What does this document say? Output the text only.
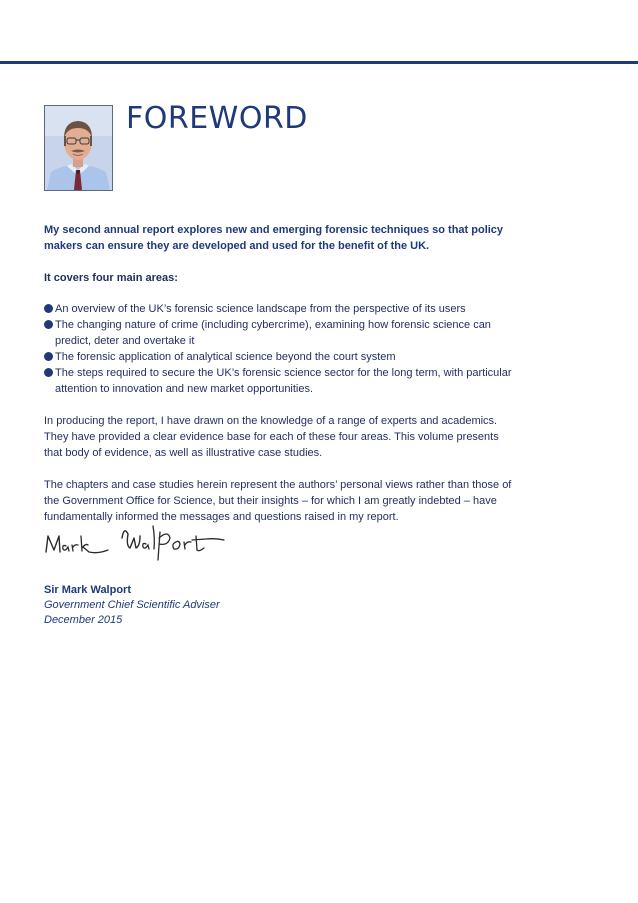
FOREWORD

My second annual report explores new and emerging forensic techniques so that policy makers can ensure they are developed and used for the benefit of the UK.

It covers four main areas:

An overview of the UK’s forensic science landscape from the perspective of its users
The changing nature of crime (including cybercrime), examining how forensic science can predict, deter and overtake it
The forensic application of analytical science beyond the court system
The steps required to secure the UK’s forensic science sector for the long term, with particular attention to innovation and new market opportunities.

In producing the report, I have drawn on the knowledge of a range of experts and academics. They have provided a clear evidence base for each of these four areas. This volume presents that body of evidence, as well as illustrative case studies.

The chapters and case studies herein represent the authors’ personal views rather than those of the Government Office for Science, but their insights – for which I am greatly indebted – have fundamentally informed the messages and questions raised in my report.

Sir Mark Walport

Government Chief Scientific Adviser

December 2015
